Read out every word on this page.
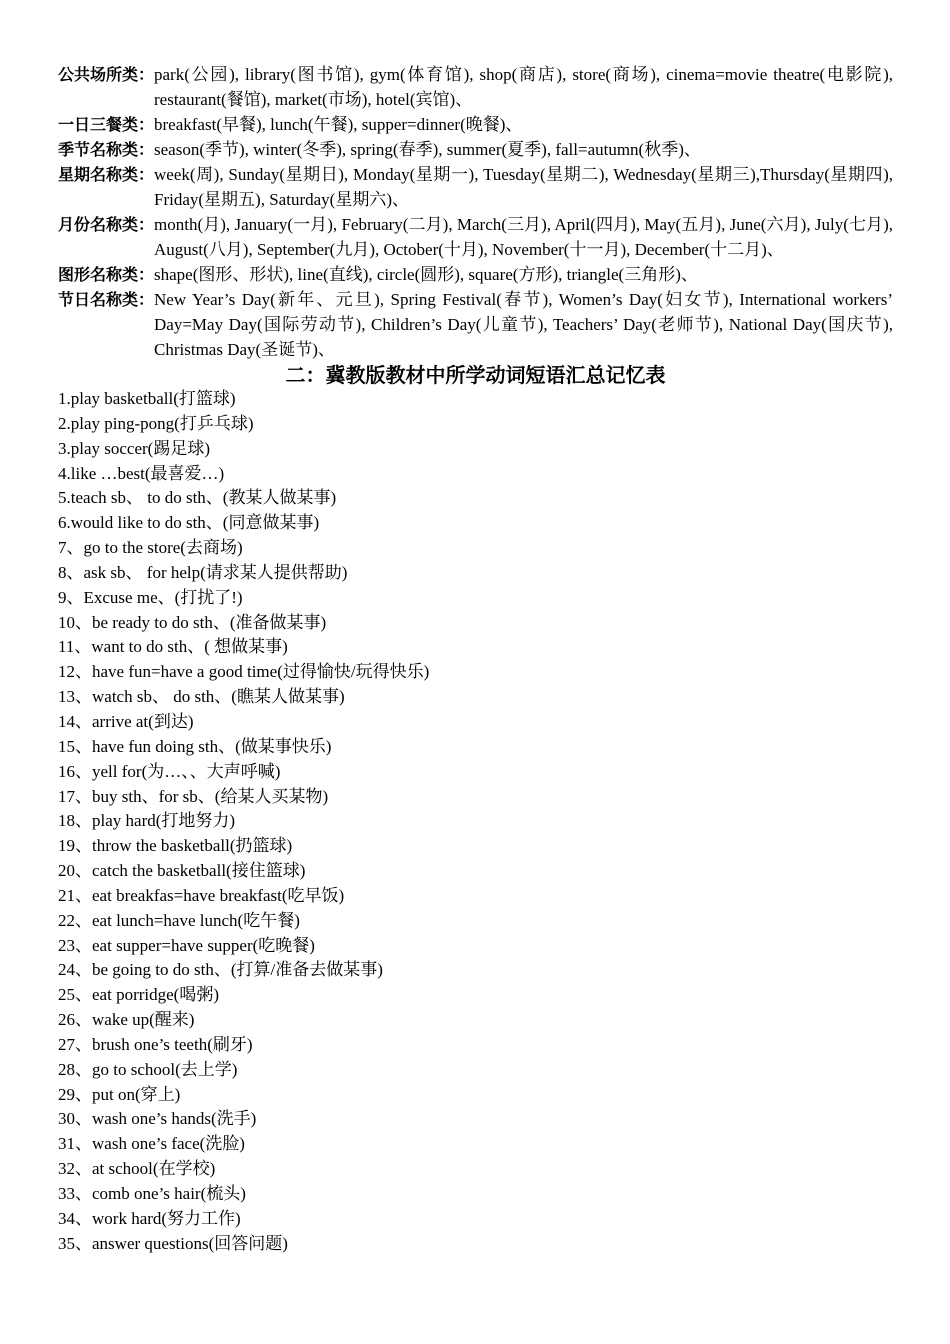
公共场所类： park(公园), library(图书馆), gym(体育馆), shop(商店), store(商场), cinema=movie theatre(电影院), restaurant(餐馆), market(市场), hotel(宾馆)、
一日三餐类： breakfast(早餐), lunch(午餐), supper=dinner(晚餐)、
季节名称类： season(季节), winter(冬季), spring(春季), summer(夏季), fall=autumn(秋季)、
星期名称类： week(周), Sunday(星期日), Monday(星期一), Tuesday(星期二), Wednesday(星期三),Thursday(星期四), Friday(星期五), Saturday(星期六)、
月份名称类： month(月), January(一月), February(二月), March(三月), April(四月), May(五月), June(六月), July(七月), August(八月), September(九月), October(十月), November(十一月), December(十二月)、
图形名称类： shape(图形、形状), line(直线), circle(圆形), square(方形), triangle(三角形)、
节日名称类： New Year’s Day(新年、元旦), Spring Festival(春节), Women’s Day(妇女节), International workers’ Day=May Day(国际劳动节), Children’s Day(儿童节), Teachers’ Day(老师节), National Day(国庆节), Christmas Day(圣诞节)、
二：冀教版教材中所学动词短语汇总记忆表
1.play basketball(打篮球)
2.play ping-pong(打乒乓球)
3.play soccer(踢足球)
4.like …best(最喜爱…)
5.teach sb、 to do sth、(教某人做某事)
6.would like to do sth、(同意做某事)
7、go to the store(去商场)
8、ask sb、 for help(请求某人提供帮助)
9、Excuse me、(打扰了!)
10、be ready to do sth、(准备做某事)
11、want to do sth、( 想做某事)
12、have fun=have a good time(过得愉快/玩得快乐)
13、watch sb、 do sth、(瞧某人做某事)
14、arrive at(到达)
15、have fun doing sth、(做某事快乐)
16、yell for(为…、、大声呼喊)
17、buy sth、for sb、(给某人买某物)
18、play hard(打地努力)
19、throw the basketball(扔篮球)
20、catch the basketball(接住篮球)
21、eat breakfas=have breakfast(吃早饭)
22、eat lunch=have lunch(吃午餐)
23、eat supper=have supper(吃晚餐)
24、be going to do sth、(打算/准备去做某事)
25、eat porridge(喝粥)
26、wake up(醒来)
27、brush one’s teeth(刷牙)
28、go to school(去上学)
29、put on(穿上)
30、wash one’s hands(洗手)
31、wash one’s face(洗脸)
32、at school(在学校)
33、comb one’s hair(梳头)
34、work hard(努力工作)
35、answer questions(回答问题)
